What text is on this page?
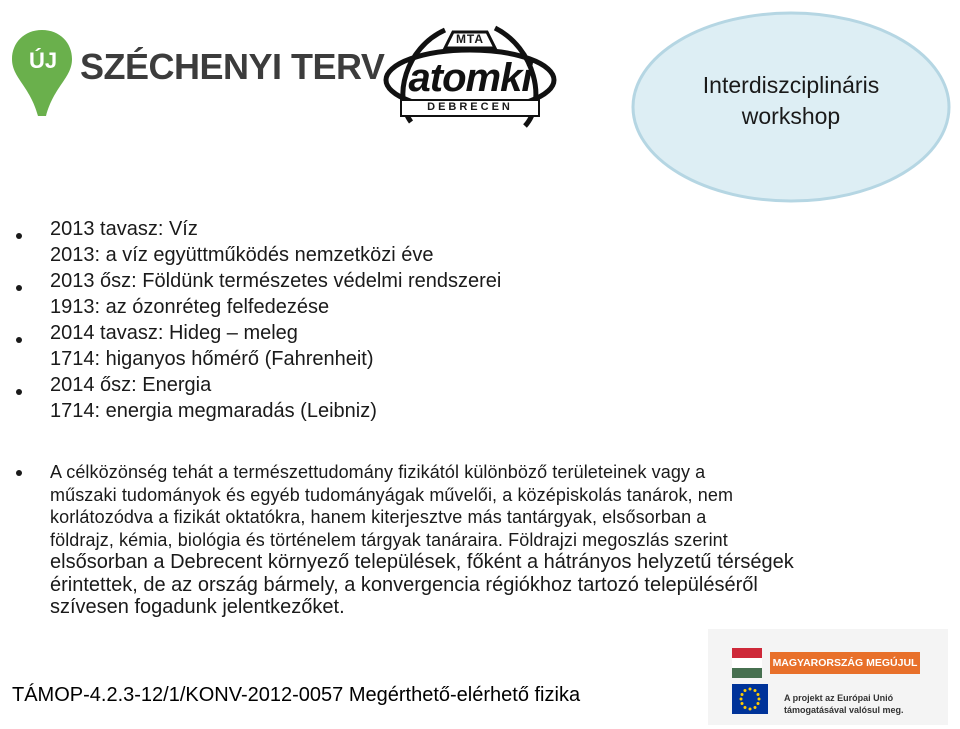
ÚJ SZÉCHENYI TERV
MTA
atomki
DEBRECEN
Interdiszciplináris
workshop
2013 tavasz: Víz
2013: a víz együttműködés nemzetközi éve
2013 ősz: Földünk természetes védelmi rendszerei
1913: az ózonréteg felfedezése
2014 tavasz: Hideg – meleg
1714: higanyos hőmérő (Fahrenheit)
2014 ősz: Energia
1714: energia megmaradás (Leibniz)
A célközönség tehát a természettudomány fizikától különböző területeinek vagy a
műszaki tudományok és egyéb tudományágak művelői, a középiskolás tanárok, nem
korlátozódva a fizikát oktatókra, hanem kiterjesztve más tantárgyak, elsősorban a
földrajz, kémia, biológia és történelem tárgyak tanáraira. Földrajzi megoszlás szerint
elsősorban a Debrecent környező települések, főként a hátrányos helyzetű térségek
érintettek, de az ország bármely, a konvergencia régiókhoz tartozó településéről
szívesen fogadunk jelentkezőket.
TÁMOP-4.2.3-12/1/KONV-2012-0057 Megérthető-elérhető fizika
MAGYARORSZÁG MEGÚJUL
A projekt az Európai Unió
támogatásával valósul meg.
